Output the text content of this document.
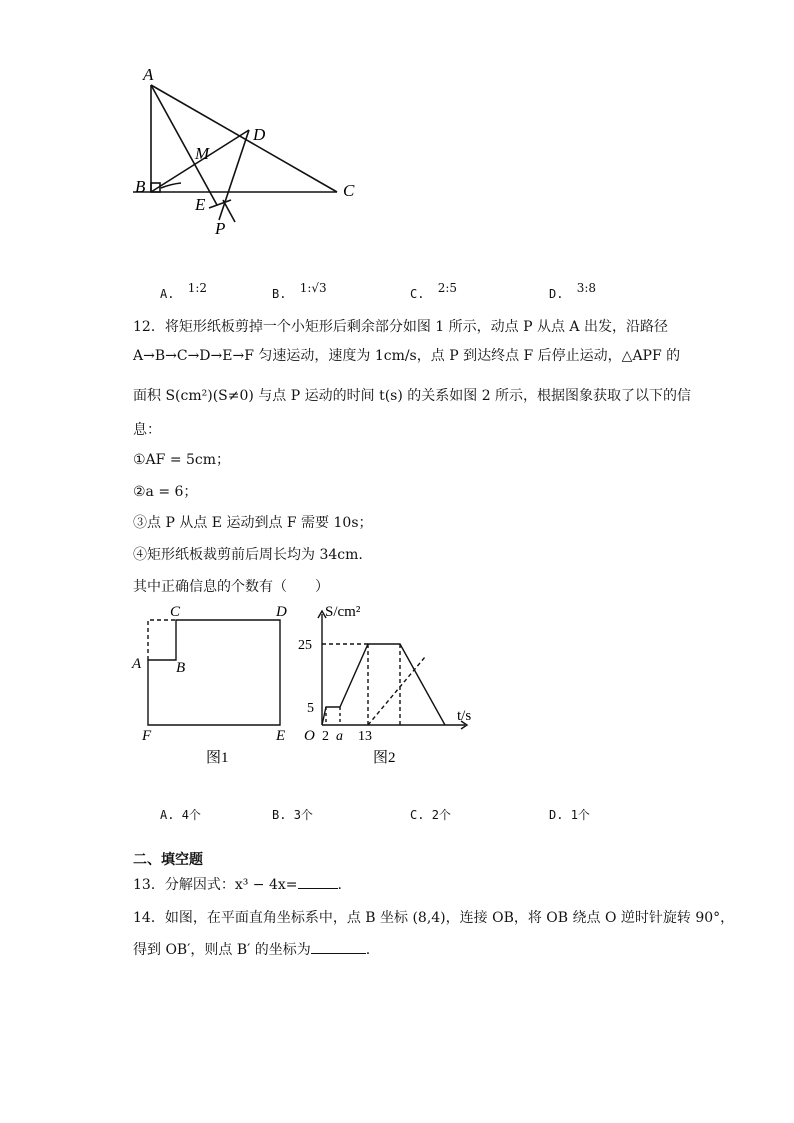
A
B	C
D
M
E
P
A. 1:2	B. 1:√3	C. 2:5	D. 3:8
12．将矩形纸板剪掉一个小矩形后剩余部分如图 1 所示，动点 P 从点 A 出发，沿路径
A→B→C→D→E→F 匀速运动，速度为 1cm/s，点 P 到达终点 F 后停止运动，△APF 的
面积 S(cm²)(S≠0) 与点 P 运动的时间 t(s) 的关系如图 2 所示，根据图象获取了以下的信
息：
①AF = 5cm；
②a = 6；
③点 P 从点 E 运动到点 F 需要 10s；
④矩形纸板裁剪前后周长均为 34cm.
其中正确信息的个数有（　　）
C	D
A B
F	E
图1
S/cm²
t/s
25
5
O 2 a 13
图2
A. 4个	B. 3个	C. 2个	D. 1个
二、填空题
13．分解因式：x³ − 4x=	.
14．如图，在平面直角坐标系中，点 B 坐标 (8,4)，连接 OB，将 OB 绕点 O 逆时针旋转 90°，
得到 OB′，则点 B′ 的坐标为	.
